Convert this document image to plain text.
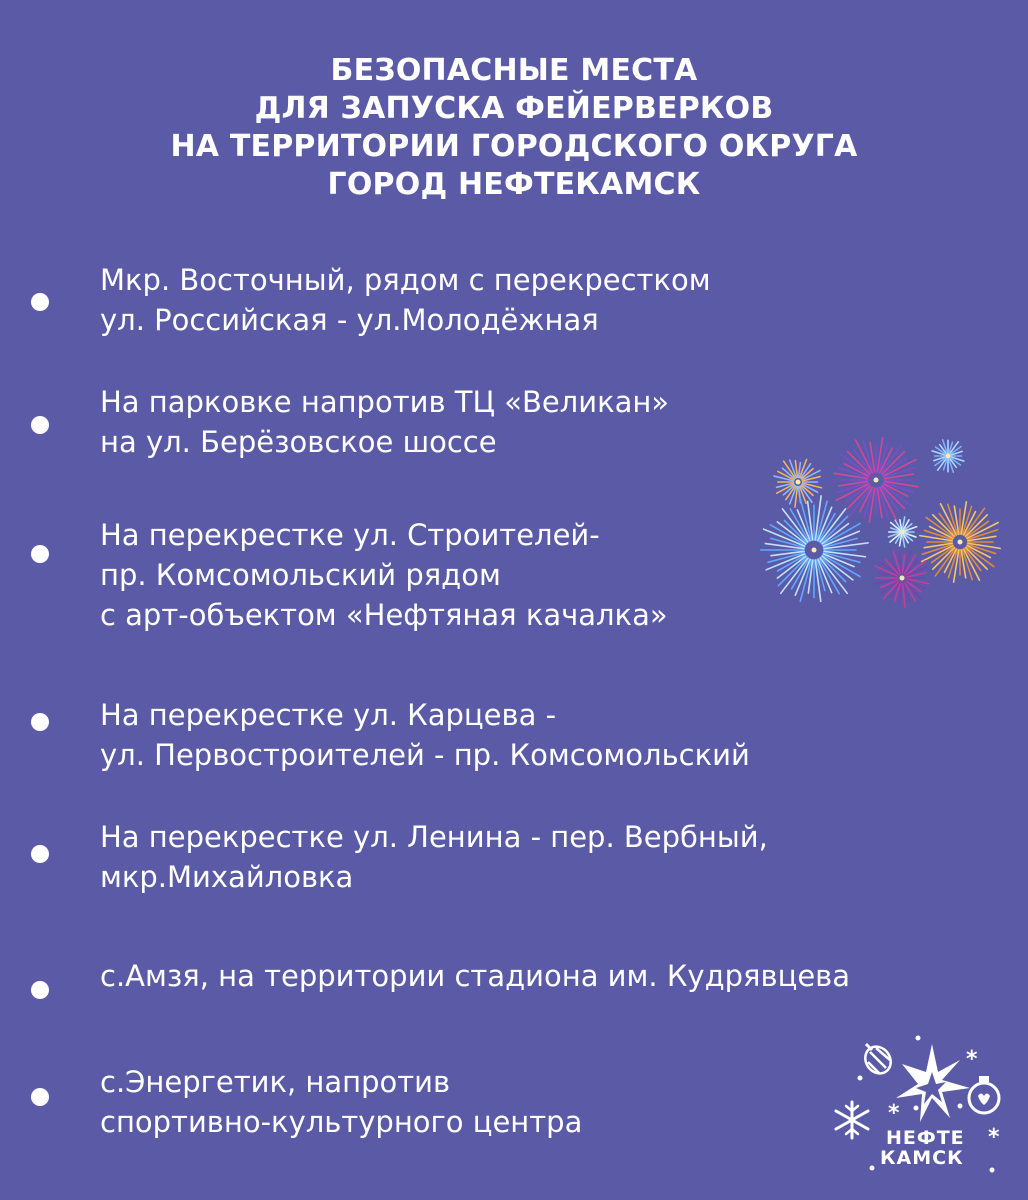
БЕЗОПАСНЫЕ МЕСТА
ДЛЯ ЗАПУСКА ФЕЙЕРВЕРКОВ
НА ТЕРРИТОРИИ ГОРОДСКОГО ОКРУГА
ГОРОД НЕФТЕКАМСК
Мкр. Восточный, рядом с перекрестком
ул. Российская - ул.Молодёжная
На парковке напротив ТЦ «Великан»
на ул. Берёзовское шоссе
На перекрестке ул. Строителей-
пр. Комсомольский рядом
с арт-объектом «Нефтяная качалка»
На перекрестке ул. Карцева -
ул. Первостроителей - пр. Комсомольский
На перекрестке ул. Ленина - пер. Вербный,
мкр.Михайловка
с.Амзя, на территории стадиона им. Кудрявцева
с.Энергетик, напротив
спортивно-культурного центра
*
*
*
НЕФТЕ
КАМСК
